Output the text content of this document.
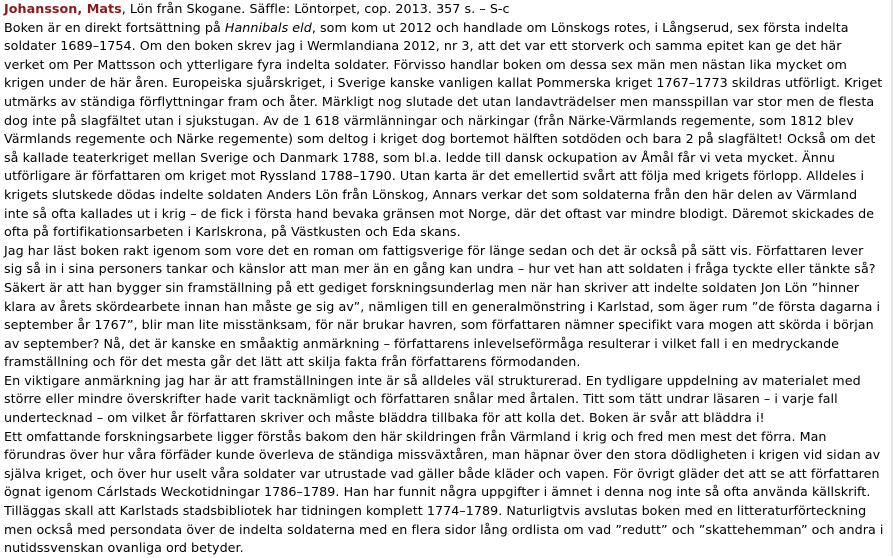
Johansson, Mats, Lön från Skogane. Säffle: Löntorpet, cop. 2013. 357 s. – S-c

Boken är en direkt fortsättning på Hannibals eld, som kom ut 2012 och handlade om Lönskogs rotes, i Långserud, sex första indelta soldater 1689–1754. Om den boken skrev jag i Wermlandiana 2012, nr 3, att det var ett storverk och samma epitet kan ge det här verket om Per Mattsson och ytterligare fyra indelta soldater. Förvisso handlar boken om dessa sex män men nästan lika mycket om krigen under de här åren. Europeiska sjuårskriget, i Sverige kanske vanligen kallat Pommerska kriget 1767–1773 skildras utförligt. Kriget utmärks av ständiga förflyttningar fram och åter. Märkligt nog slutade det utan landavträdelser men mansspillan var stor men de flesta dog inte på slagfältet utan i sjukstugan. Av de 1 618 värmlänningar och närkingar (från Närke-Värmlands regemente, som 1812 blev Värmlands regemente och Närke regemente) som deltog i kriget dog bortemot hälften sotdöden och bara 2 på slagfältet! Också om det så kallade teaterkriget mellan Sverige och Danmark 1788, som bl.a. ledde till dansk ockupation av Åmål får vi veta mycket. Ännu utförligare är författaren om kriget mot Ryssland 1788–1790. Utan karta är det emellertid svårt att följa med krigets förlopp. Alldeles i krigets slutskede dödas indelte soldaten Anders Lön från Lönskog, Annars verkar det som soldaterna från den här delen av Värmland inte så ofta kallades ut i krig – de fick i första hand bevaka gränsen mot Norge, där det oftast var mindre blodigt. Däremot skickades de ofta på fortifikationsarbeten i Karlskrona, på Västkusten och Eda skans.

Jag har läst boken rakt igenom som vore det en roman om fattigsverige för länge sedan och det är också på sätt vis. Författaren lever sig så in i sina personers tankar och känslor att man mer än en gång kan undra – hur vet han att soldaten i fråga tyckte eller tänkte så? Säkert är att han bygger sin framställning på ett gediget forskningsunderlag men när han skriver att indelte soldaten Jon Lön ”hinner klara av årets skördearbete innan han måste ge sig av”, nämligen till en generalmönstring i Karlstad, som äger rum ”de första dagarna i september år 1767”, blir man lite misstänksam, för när brukar havren, som författaren nämner specifikt vara mogen att skörda i början av september? Nå, det är kanske en småaktig anmärkning – författarens inlevelseförmåga resulterar i vilket fall i en medryckande framställning och för det mesta går det lätt att skilja fakta från författarens förmodanden.

En viktigare anmärkning jag har är att framställningen inte är så alldeles väl strukturerad. En tydligare uppdelning av materialet med större eller mindre överskrifter hade varit tacknämligt och författaren snålar med årtalen. Titt som tätt undrar läsaren – i varje fall undertecknad – om vilket år författaren skriver och måste bläddra tillbaka för att kolla det. Boken är svår att bläddra i!

Ett omfattande forskningsarbete ligger förstås bakom den här skildringen från Värmland i krig och fred men mest det förra. Man förundras över hur våra förfäder kunde överleva de ständiga missväxtåren, man häpnar över den stora dödligheten i krigen vid sidan av själva kriget, och över hur uselt våra soldater var utrustade vad gäller både kläder och vapen. För övrigt gläder det att se att författaren ögnat igenom Cárlstads Weckotidningar 1786–1789. Han har funnit några uppgifter i ämnet i denna nog inte så ofta använda källskrift. Tilläggas skall att Karlstads stadsbibliotek har tidningen komplett 1774–1789. Naturligtvis avslutas boken med en litteraturförteckning men också med persondata över de indelta soldaterna med en flera sidor lång ordlista om vad ”redutt” och ”skattehemman” och andra i nutidssvenskan ovanliga ord betyder.
